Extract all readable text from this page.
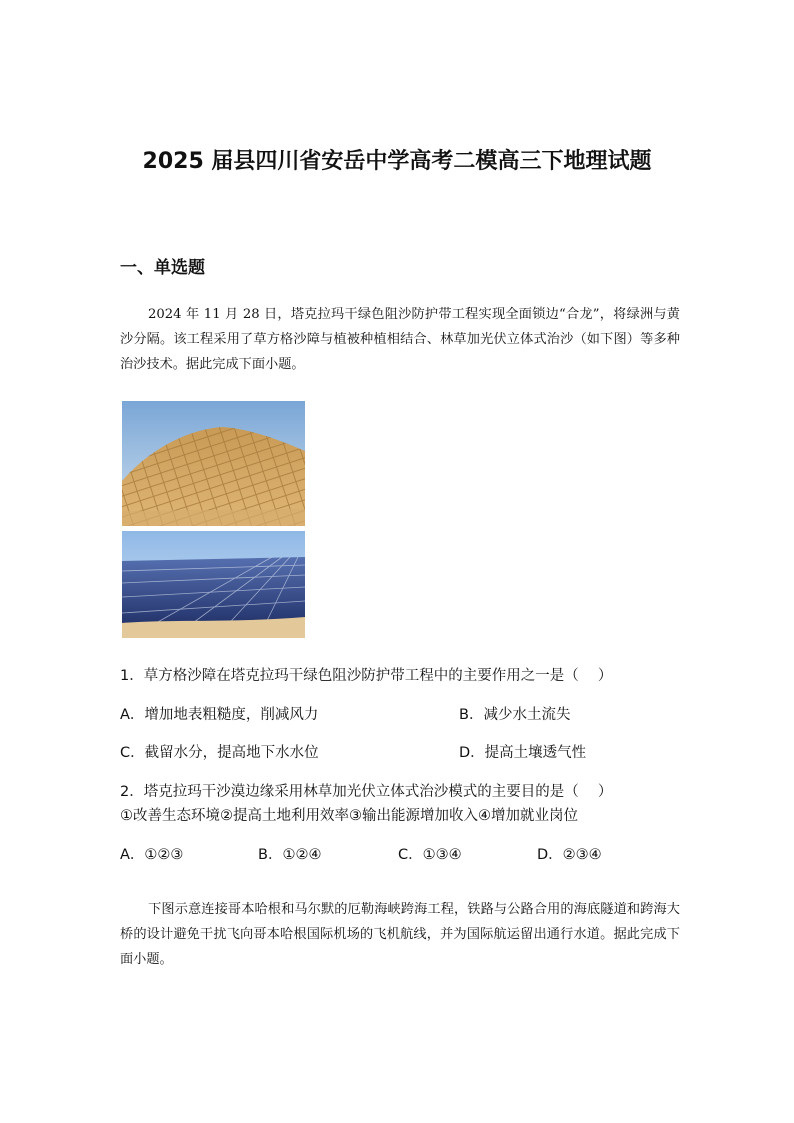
2025 届县四川省安岳中学高考二模高三下地理试题
一、单选题
2024 年 11 月 28 日，塔克拉玛干绿色阻沙防护带工程实现全面锁边“合龙”，将绿洲与黄沙分隔。该工程采用了草方格沙障与植被种植相结合、林草加光伏立体式治沙（如下图）等多种治沙技术。据此完成下面小题。
1．草方格沙障在塔克拉玛干绿色阻沙防护带工程中的主要作用之一是（　 ）
A．增加地表粗糙度，削减风力	B．减少水土流失
C．截留水分，提高地下水水位	D．提高土壤透气性
2．塔克拉玛干沙漠边缘采用林草加光伏立体式治沙模式的主要目的是（　 ）
①改善生态环境②提高土地利用效率③输出能源增加收入④增加就业岗位
A．①②③	B．①②④	C．①③④	D．②③④
下图示意连接哥本哈根和马尔默的厄勒海峡跨海工程，铁路与公路合用的海底隧道和跨海大桥的设计避免干扰飞向哥本哈根国际机场的飞机航线，并为国际航运留出通行水道。据此完成下面小题。
